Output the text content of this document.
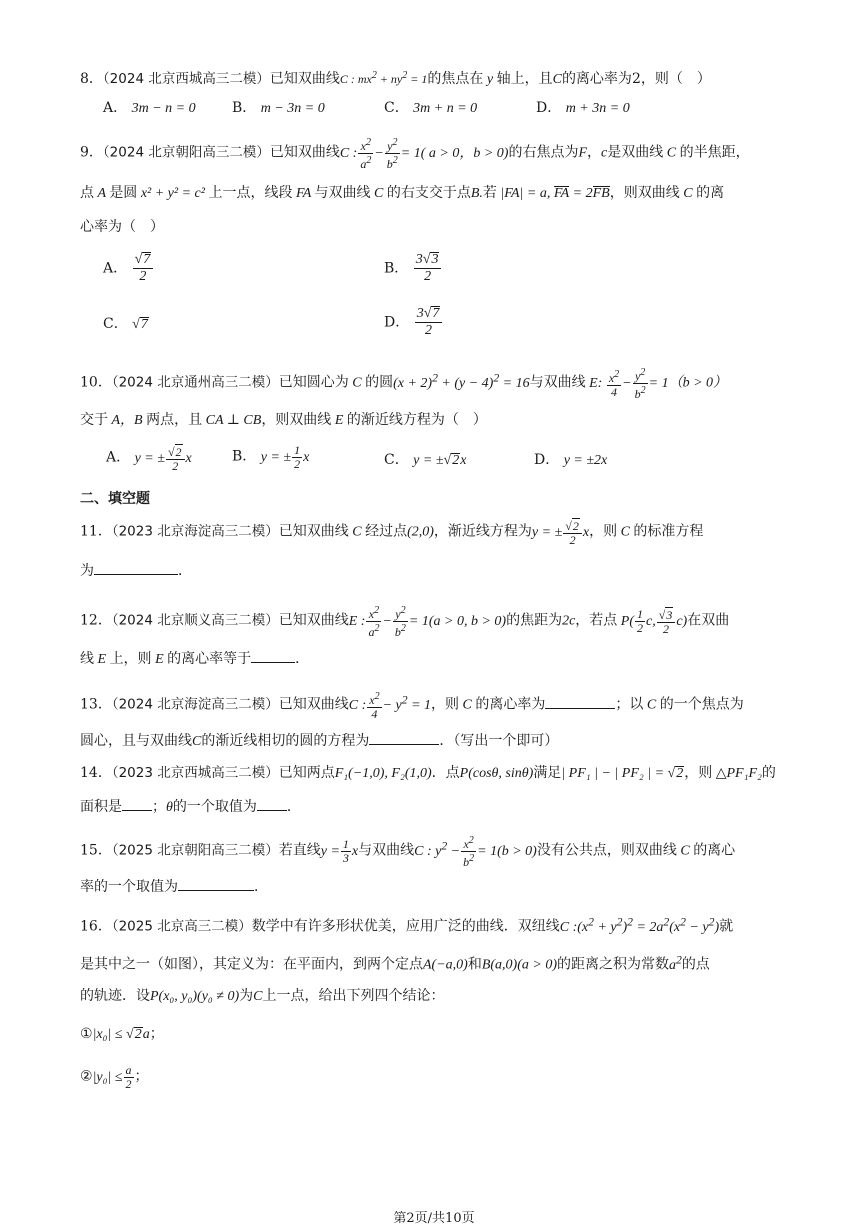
8．（2024 北京西城高三二模）已知双曲线C : $mx^2 + ny^2 = 1$的焦点在 y 轴上，且C的离心率为2，则（　）
A． 3m − n = 0	B． m − 3n = 0	C． 3m + n = 0	D． m + 3n = 0
9．（2024 北京朝阳高三二模）已知双曲线C : $\frac{x^2}{a^2} - \frac{y^2}{b^2} = 1$( a > 0，b > 0)的右焦点为F，c是双曲线 C 的半焦距，
点 A 是圆 x² + y² = c² 上一点，线段 FA 与双曲线 C 的右支交于点B.若 |FA| = a, FA = 2FB，则双曲线 C 的离
心率为（　）
A． $\frac{√7}{2}$	B． $\frac{3√3}{2}$
C． √7	D． $\frac{3√7}{2}$
10．（2024 北京通州高三二模）已知圆心为 C 的圆$(x + 2)^2 + (y - 4)^2 = 16$与双曲线 E: $\frac{x^2}{4} - \frac{y^2}{b^2} = 1(b > 0)$
交于 A，B 两点，且 CA ⊥ CB，则双曲线 E 的渐近线方程为（　）
A． y = ± $\frac{√2}{2}$ x	B． y = ± $\frac{1}{2}$ x	C． y = ±√2x	D． y = ±2x
二、填空题
11．（2023 北京海淀高三二模）已知双曲线 C 经过点(2,0)，渐近线方程为y = ± $\frac{√2}{2}$ x，则 C 的标准方程
为	．
12．（2024 北京顺义高三二模）已知双曲线E : $\frac{x^2}{a^2} - \frac{y^2}{b^2} = 1(a > 0$, b > 0)的焦距为2c，若点 $P( \frac{1}{2} c$, $\frac{√3}{2} c$)在双曲
线 E 上，则 E 的离心率等于	．
13．（2024 北京海淀高三二模）已知双曲线C : $\frac{x^2}{4} - y^2 = 1$，则 C 的离心率为	；以 C 的一个焦点为
圆心，且与双曲线C的渐近线相切的圆的方程为	．（写出一个即可）
14．（2023 北京西城高三二模）已知两点F₁(−1,0), F₂(1,0)．点P(cosθ, sinθ)满足| PF₁ | − | PF₂ | = √2，则 △PF₁F₂的
面积是 ；θ的一个取值为 ．
15．（2025 北京朝阳高三二模）若直线$y = \frac{1}{3}$ x与双曲线C : $y^2 - \frac{x^2}{b^2} = 1(b > 0)$没有公共点，则双曲线 C 的离心
率的一个取值为	．
16．（2025 北京高三二模）数学中有许多形状优美，应用广泛的曲线．双纽线C $:(x^2 + y^2)^2 = 2a^2(x^2 - y^2)$就
是其中之一（如图），其定义为：在平面内，到两个定点A(−a,0)和B(a,0)(a > 0)的距离之积为常数$a^2$的点
的轨迹．设P(x₀, y₀)(y₀ ≠ 0)为C上一点，给出下列四个结论：
①|x₀| ≤ √2a；
②|y₀| ≤ $\frac{a}{2}$ ；
第2页/共10页
